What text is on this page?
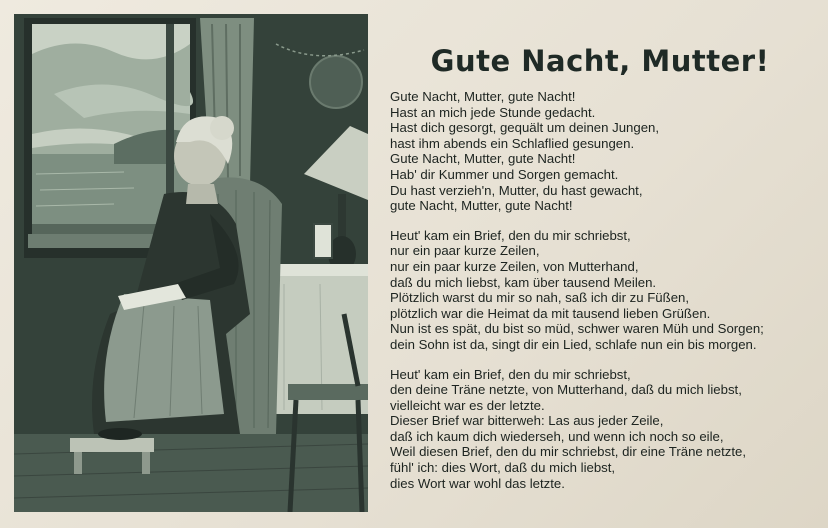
Gute Nacht, Mutter!
Gute Nacht, Mutter, gute Nacht!
Hast an mich jede Stunde gedacht.
Hast dich gesorgt, gequält um deinen Jungen,
hast ihm abends ein Schlaflied gesungen.
Gute Nacht, Mutter, gute Nacht!
Hab' dir Kummer und Sorgen gemacht.
Du hast verzieh'n, Mutter, du hast gewacht,
gute Nacht, Mutter, gute Nacht!
Heut' kam ein Brief, den du mir schriebst,
nur ein paar kurze Zeilen,
nur ein paar kurze Zeilen, von Mutterhand,
daß du mich liebst, kam über tausend Meilen.
Plötzlich warst du mir so nah, saß ich dir zu Füßen,
plötzlich war die Heimat da mit tausend lieben Grüßen.
Nun ist es spät, du bist so müd, schwer waren Müh und Sorgen;
dein Sohn ist da, singt dir ein Lied, schlafe nun ein bis morgen.
Heut' kam ein Brief, den du mir schriebst,
den deine Träne netzte, von Mutterhand, daß du mich liebst,
vielleicht war es der letzte.
Dieser Brief war bitterweh: Las aus jeder Zeile,
daß ich kaum dich wiederseh, und wenn ich noch so eile,
Weil diesen Brief, den du mir schriebst, dir eine Träne netzte,
fühl' ich: dies Wort, daß du mich liebst,
dies Wort war wohl das letzte.
